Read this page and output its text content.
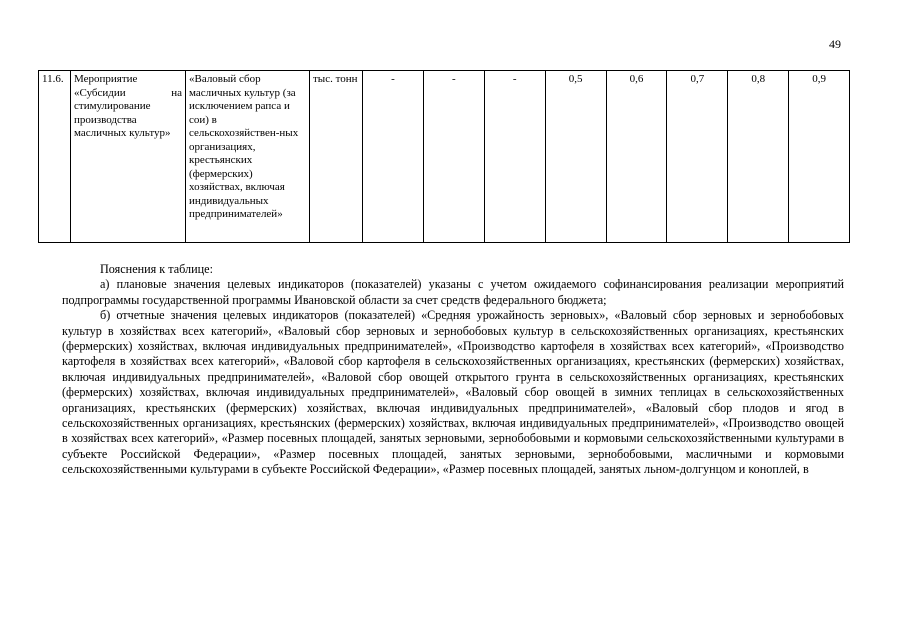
49
11.6.	Мероприятие «Субсидии на стимулирование производства масличных культур»	«Валовый сбор масличных культур (за исключением рапса и сои) в сельскохозяйствен-ных организациях, крестьянских (фермерских) хозяйствах, включая индивидуальных предпринимателей»	тыс. тонн	-	-	-	0,5	0,6	0,7	0,8	0,9

Пояснения к таблице:

а) плановые значения целевых индикаторов (показателей) указаны с учетом ожидаемого софинансирования реализации мероприятий подпрограммы государственной программы Ивановской области за счет средств федерального бюджета;

б) отчетные значения целевых индикаторов (показателей) «Средняя урожайность зерновых», «Валовый сбор зерновых и зернобобовых культур в хозяйствах всех категорий», «Валовый сбор зерновых и зернобобовых культур в сельскохозяйственных организациях, крестьянских (фермерских) хозяйствах, включая индивидуальных предпринимателей», «Производство картофеля в хозяйствах всех категорий», «Производство картофеля в хозяйствах всех категорий», «Валовой сбор картофеля в сельскохозяйственных организациях, крестьянских (фермерских) хозяйствах, включая индивидуальных предпринимателей», «Валовой сбор овощей открытого грунта в сельскохозяйственных организациях, крестьянских (фермерских) хозяйствах, включая индивидуальных предпринимателей», «Валовый сбор овощей в зимних теплицах в сельскохозяйственных организациях, крестьянских (фермерских) хозяйствах, включая индивидуальных предпринимателей», «Валовый сбор плодов и ягод в сельскохозяйственных организациях, крестьянских (фермерских) хозяйствах, включая индивидуальных предпринимателей», «Производство овощей в хозяйствах всех категорий», «Размер посевных площадей, занятых зерновыми, зернобобовыми и кормовыми сельскохозяйственными культурами в субъекте Российской Федерации», «Размер посевных площадей, занятых зерновыми, зернобобовыми, масличными и кормовыми сельскохозяйственными культурами в субъекте Российской Федерации», «Размер посевных площадей, занятых льном-долгунцом и коноплей, в
